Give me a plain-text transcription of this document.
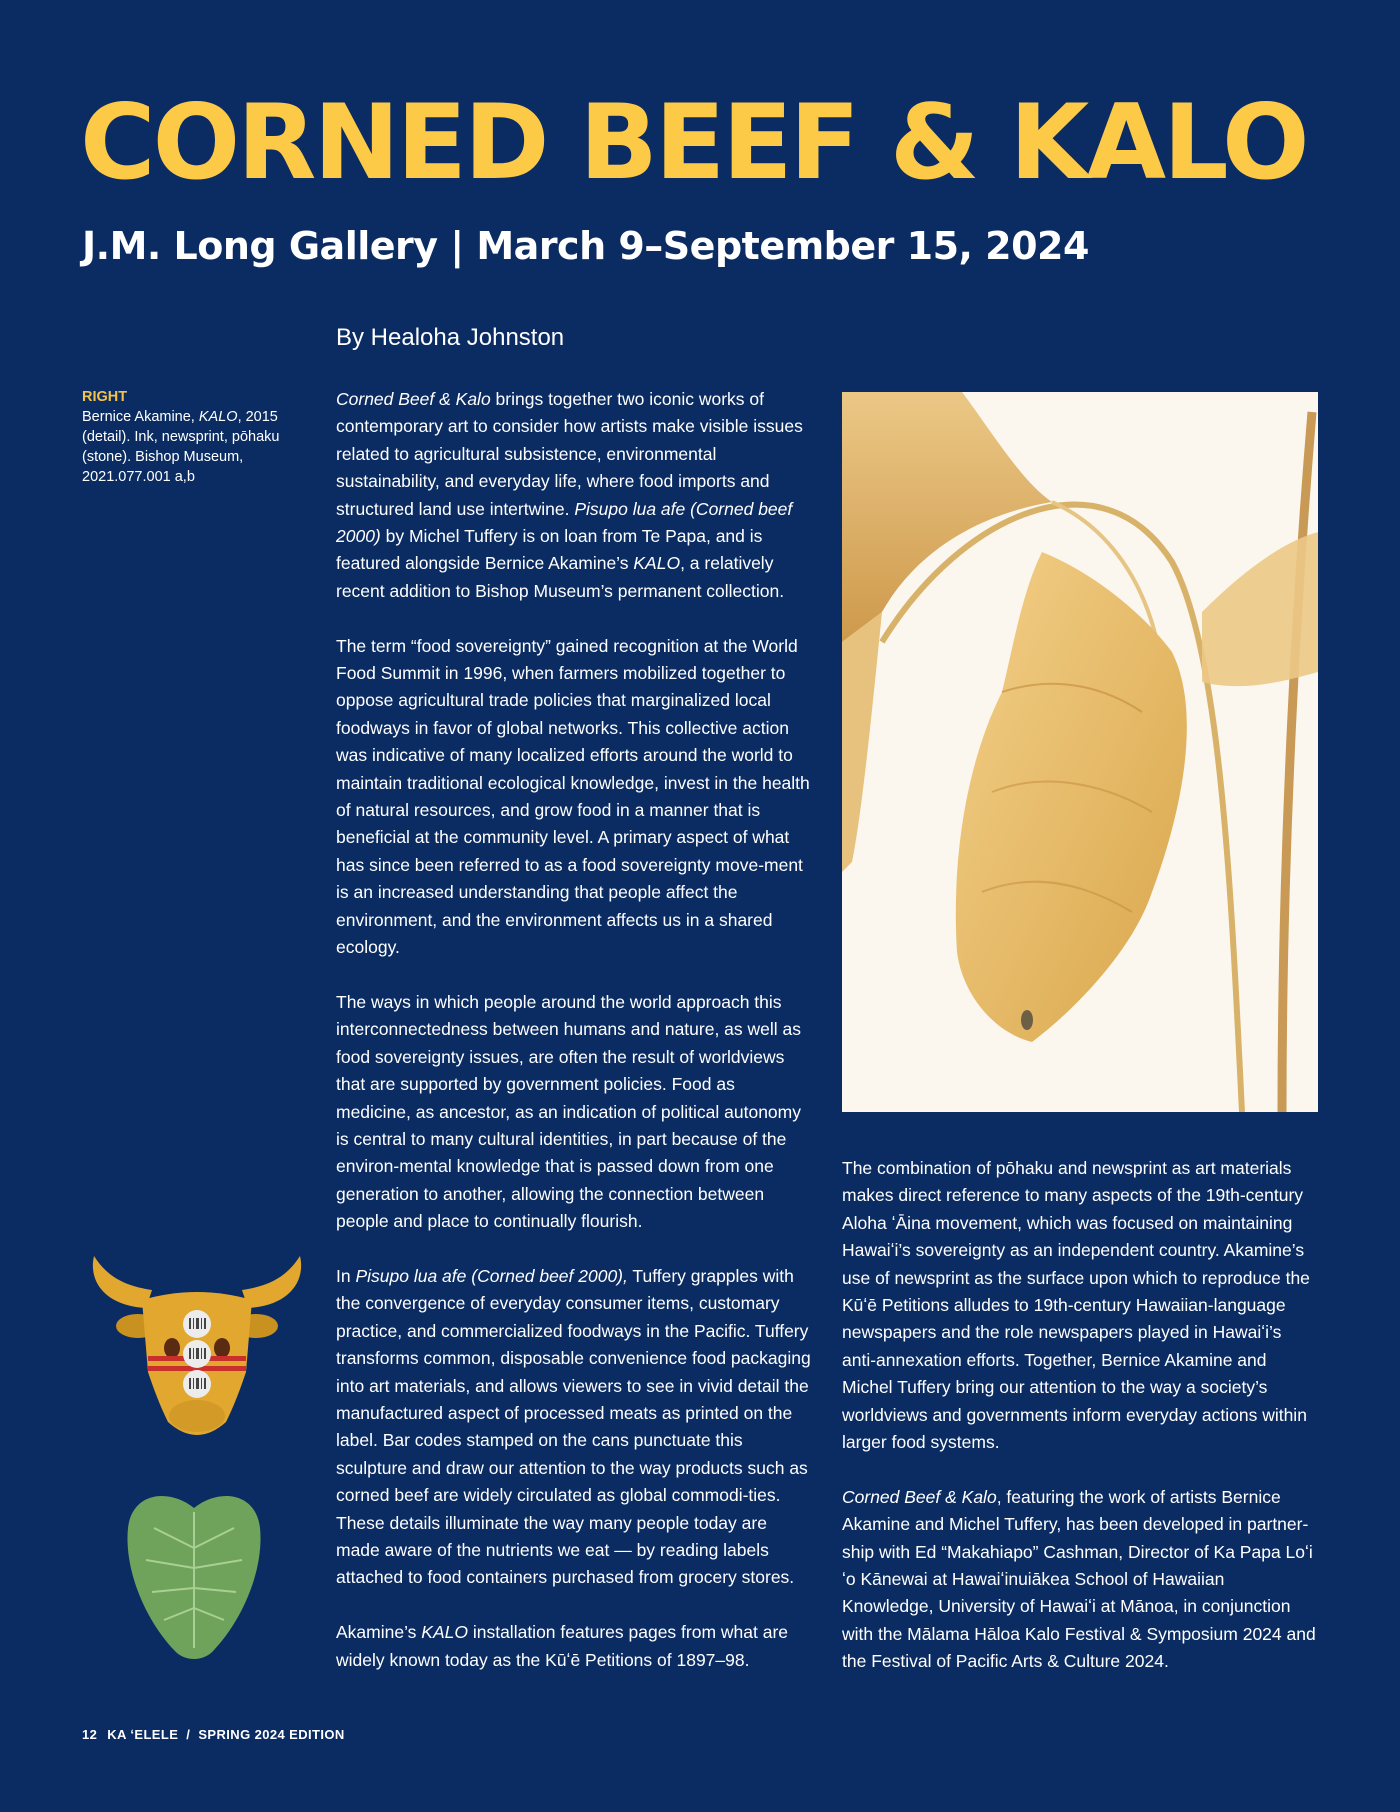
CORNED BEEF & KALO
J.M. Long Gallery | March 9–September 15, 2024
By Healoha Johnston
RIGHT
Bernice Akamine, KALO, 2015 (detail). Ink, newsprint, pōhaku (stone). Bishop Museum, 2021.077.001 a,b

Corned Beef & Kalo brings together two iconic works of contemporary art to consider how artists make visible issues related to agricultural subsistence, environmental sustainability, and everyday life, where food imports and structured land use intertwine. Pisupo lua afe (Corned beef 2000) by Michel Tuffery is on loan from Te Papa, and is featured alongside Bernice Akamine’s KALO, a relatively recent addition to Bishop Museum’s permanent collection.

The term “food sovereignty” gained recognition at the World Food Summit in 1996, when farmers mobilized together to oppose agricultural trade policies that marginalized local foodways in favor of global networks. This collective action was indicative of many localized efforts around the world to maintain traditional ecological knowledge, invest in the health of natural resources, and grow food in a manner that is beneficial at the community level. A primary aspect of what has since been referred to as a food sovereignty move-ment is an increased understanding that people affect the environment, and the environment affects us in a shared ecology.

The ways in which people around the world approach this interconnectedness between humans and nature, as well as food sovereignty issues, are often the result of worldviews that are supported by government policies. Food as medicine, as ancestor, as an indication of political autonomy is central to many cultural identities, in part because of the environ-mental knowledge that is passed down from one generation to another, allowing the connection between people and place to continually flourish.

In Pisupo lua afe (Corned beef 2000), Tuffery grapples with the convergence of everyday consumer items, customary practice, and commercialized foodways in the Pacific. Tuffery transforms common, disposable convenience food packaging into art materials, and allows viewers to see in vivid detail the manufactured aspect of processed meats as printed on the label. Bar codes stamped on the cans punctuate this sculpture and draw our attention to the way products such as corned beef are widely circulated as global commodi-ties. These details illuminate the way many people today are made aware of the nutrients we eat — by reading labels attached to food containers purchased from grocery stores.

Akamine’s KALO installation features pages from what are widely known today as the Kūʻē Petitions of 1897–98.

The combination of pōhaku and newsprint as art materials makes direct reference to many aspects of the 19th-century Aloha ʻĀina movement, which was focused on maintaining Hawaiʻi’s sovereignty as an independent country. Akamine’s use of newsprint as the surface upon which to reproduce the Kūʻē Petitions alludes to 19th-century Hawaiian-language newspapers and the role newspapers played in Hawaiʻi’s anti-annexation efforts. Together, Bernice Akamine and Michel Tuffery bring our attention to the way a society’s worldviews and governments inform everyday actions within larger food systems.

Corned Beef & Kalo, featuring the work of artists Bernice Akamine and Michel Tuffery, has been developed in partner-ship with Ed “Makahiapo” Cashman, Director of Ka Papa Loʻi ʻo Kānewai at Hawaiʻinuiākea School of Hawaiian Knowledge, University of Hawaiʻi at Mānoa, in conjunction with the Mālama Hāloa Kalo Festival & Symposium 2024 and the Festival of Pacific Arts & Culture 2024.

12 KA ʻELELE  /  SPRING 2024 EDITION
